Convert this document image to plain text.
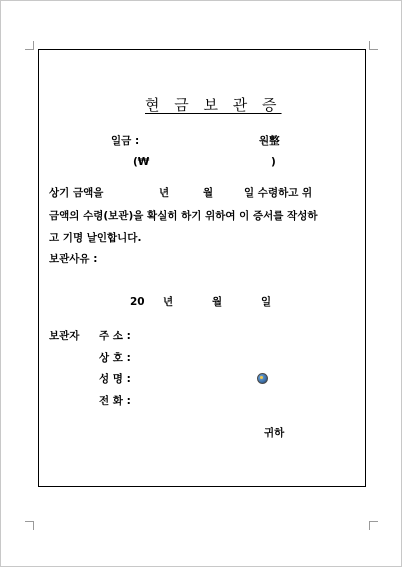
현 금 보 관 증
일금 :	원整
(₩	)
상기 금액을	년	월	일 수령하고 위
금액의 수령(보관)을 확실히 하기 위하여 이 증서를 작성하
고 기명 날인합니다.
보관사유 :
20 년	월	일
보관자 주 소 :
상 호 :
성 명 :
전 화 :
귀하
